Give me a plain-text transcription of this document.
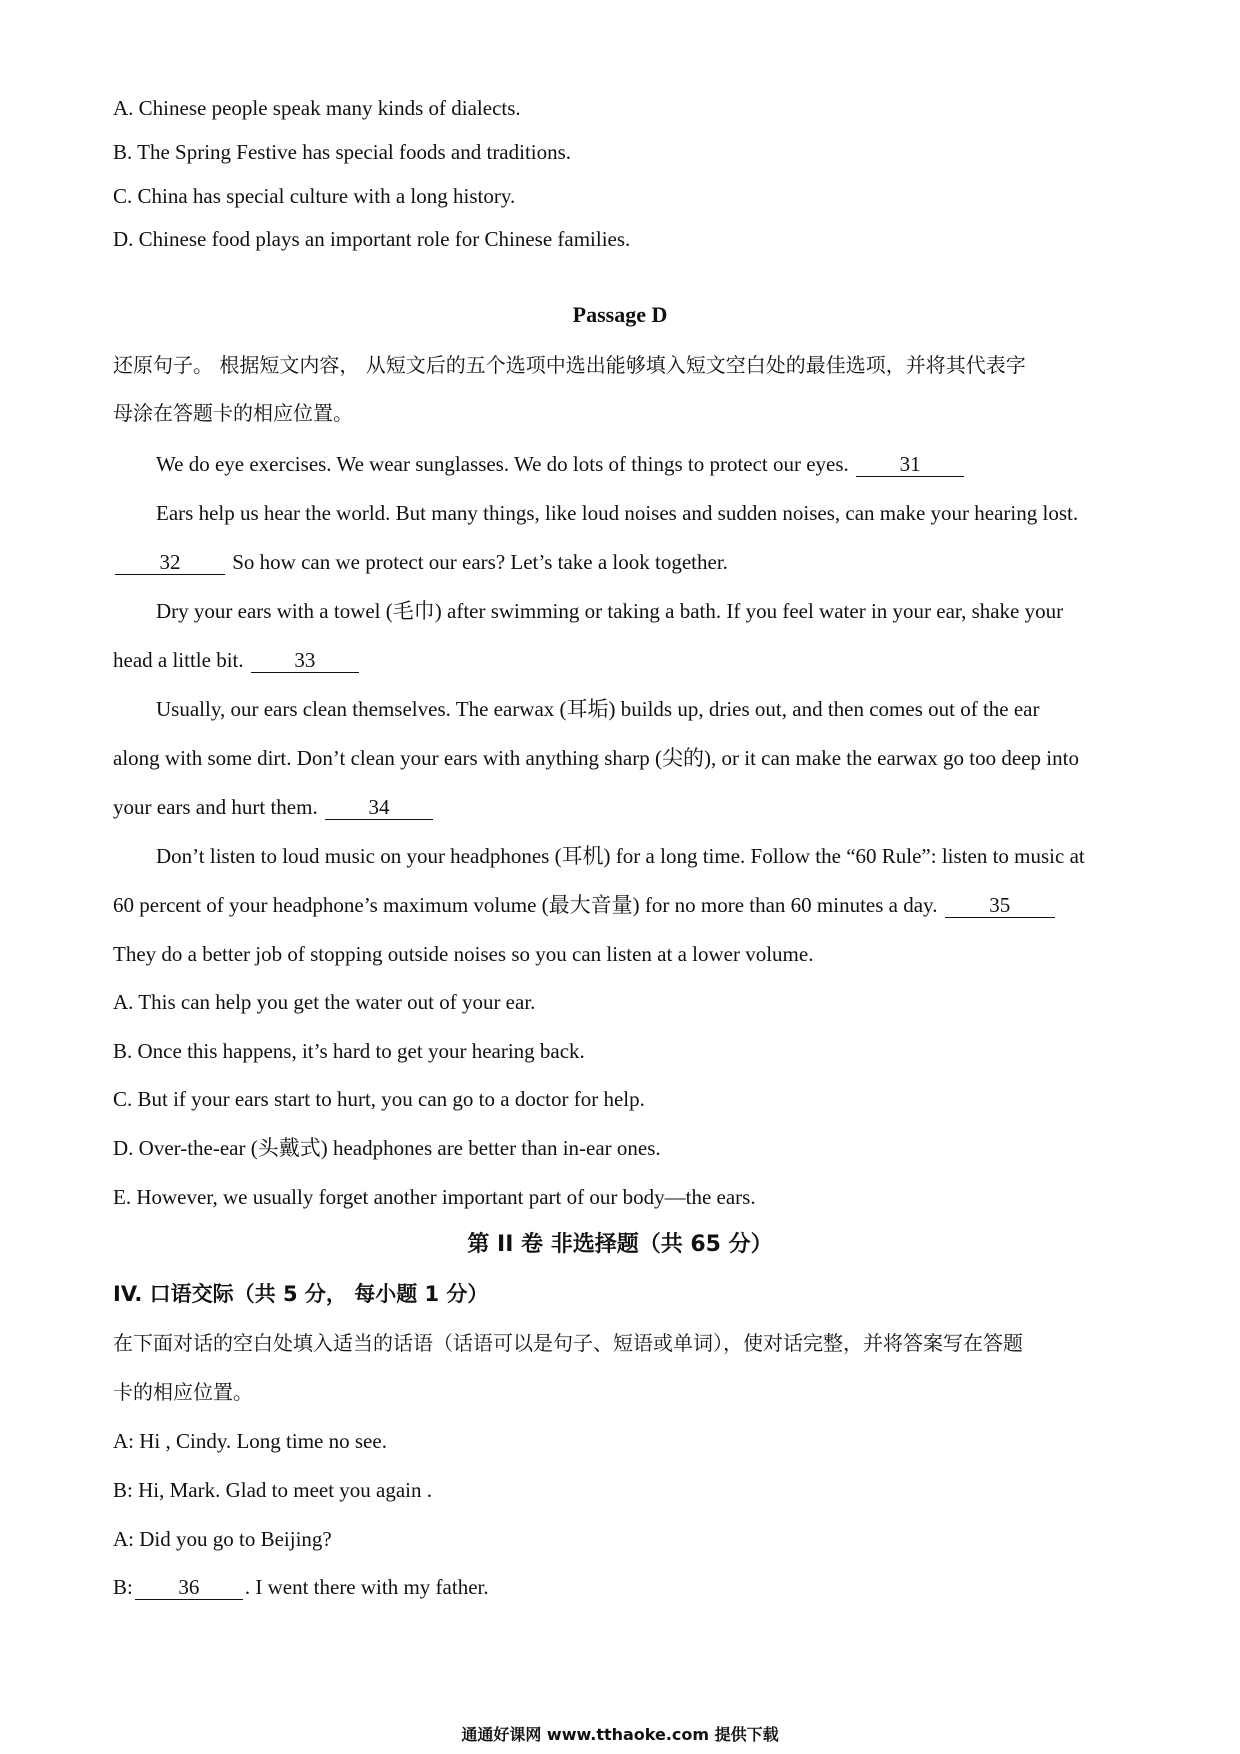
A. Chinese people speak many kinds of dialects.
B. The Spring Festive has special foods and traditions.
C. China has special culture with a long history.
D. Chinese food plays an important role for Chinese families.
Passage D
还原句子。 根据短文内容， 从短文后的五个选项中选出能够填入短文空白处的最佳选项，并将其代表字
母涂在答题卡的相应位置。
We do eye exercises. We wear sunglasses. We do lots of things to protect our eyes. 31
Ears help us hear the world. But many things, like loud noises and sudden noises, can make your hearing lost.
32 So how can we protect our ears? Let’s take a look together.
Dry your ears with a towel (毛巾) after swimming or taking a bath. If you feel water in your ear, shake your
head a little bit. 33
Usually, our ears clean themselves. The earwax (耳垢) builds up, dries out, and then comes out of the ear
along with some dirt. Don’t clean your ears with anything sharp (尖的), or it can make the earwax go too deep into
your ears and hurt them. 34
Don’t listen to loud music on your headphones (耳机) for a long time. Follow the “60 Rule”: listen to music at
60 percent of your headphone’s maximum volume (最大音量) for no more than 60 minutes a day. 35
They do a better job of stopping outside noises so you can listen at a lower volume.
A. This can help you get the water out of your ear.
B. Once this happens, it’s hard to get your hearing back.
C. But if your ears start to hurt, you can go to a doctor for help.
D. Over-the-ear (头戴式) headphones are better than in-ear ones.
E. However, we usually forget another important part of our body—the ears.
第 II 卷 非选择题（共 65 分）
IV. 口语交际（共 5 分， 每小题 1 分）
在下面对话的空白处填入适当的话语（话语可以是句子、短语或单词），使对话完整，并将答案写在答题
卡的相应位置。
A: Hi , Cindy. Long time no see.
B: Hi, Mark. Glad to meet you again .
A: Did you go to Beijing?
B: 36 . I went there with my father.
通通好课网 www.tthaoke.com 提供下载
